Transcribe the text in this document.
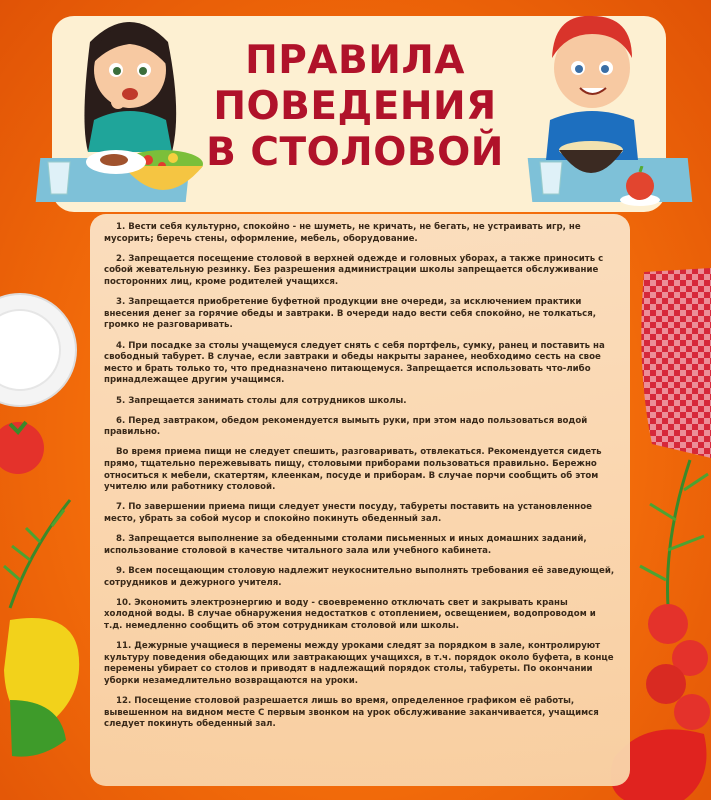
ПРАВИЛА
ПОВЕДЕНИЯ
В СТОЛОВОЙ

1. Вести себя культурно, спокойно - не шуметь, не кричать, не бегать, не устраивать игр, не мусорить; беречь стены, оформление, мебель, оборудование.

2. Запрещается посещение столовой в верхней одежде и головных уборах, а также приносить с собой жевательную резинку. Без разрешения администрации школы запрещается обслуживание посторонних лиц, кроме родителей учащихся.

3. Запрещается приобретение буфетной продукции вне очереди, за исключением практики внесения денег за горячие обеды и завтраки. В очереди надо вести себя спокойно, не толкаться, громко не разговаривать.

4. При посадке за столы учащемуся следует снять с себя портфель, сумку, ранец и поставить на свободный табурет. В случае, если завтраки и обеды накрыты заранее, необходимо сесть на свое место и брать только то, что предназначено питающемуся. Запрещается использовать что-либо принадлежащее другим учащимся.

5. Запрещается занимать столы для сотрудников школы.

6. Перед завтраком, обедом рекомендуется вымыть руки, при этом надо пользоваться водой правильно.

Во время приема пищи не следует спешить, разговаривать, отвлекаться. Рекомендуется сидеть прямо, тщательно пережевывать пищу, столовыми приборами пользоваться правильно. Бережно относиться к мебели, скатертям, клеенкам, посуде и приборам. В случае порчи сообщить об этом учителю или работнику столовой.

7. По завершении приема пищи следует унести посуду, табуреты поставить на установленное место, убрать за собой мусор и спокойно покинуть обеденный зал.

8. Запрещается выполнение за обеденными столами письменных и иных домашних заданий, использование столовой в качестве читального зала или учебного кабинета.

9. Всем посещающим столовую надлежит неукоснительно выполнять требования её заведующей, сотрудников и дежурного учителя.

10. Экономить электроэнергию и воду - своевременно отключать свет и закрывать краны холодной воды. В случае обнаружения недостатков с отоплением, освещением, водопроводом и т.д. немедленно сообщить об этом сотрудникам столовой или школы.

11. Дежурные учащиеся в перемены между уроками следят за порядком в зале, контролируют культуру поведения обедающих или завтракающих учащихся, в т.ч. порядок около буфета, в конце перемены убирает со столов и приводят в надлежащий порядок столы, табуреты. По окончании уборки незамедлительно возвращаются на уроки.

12. Посещение столовой разрешается лишь во время, определенное графиком её работы, вывешенном на видном месте С первым звонком на урок обслуживание заканчивается, учащимся следует покинуть обеденный зал.
